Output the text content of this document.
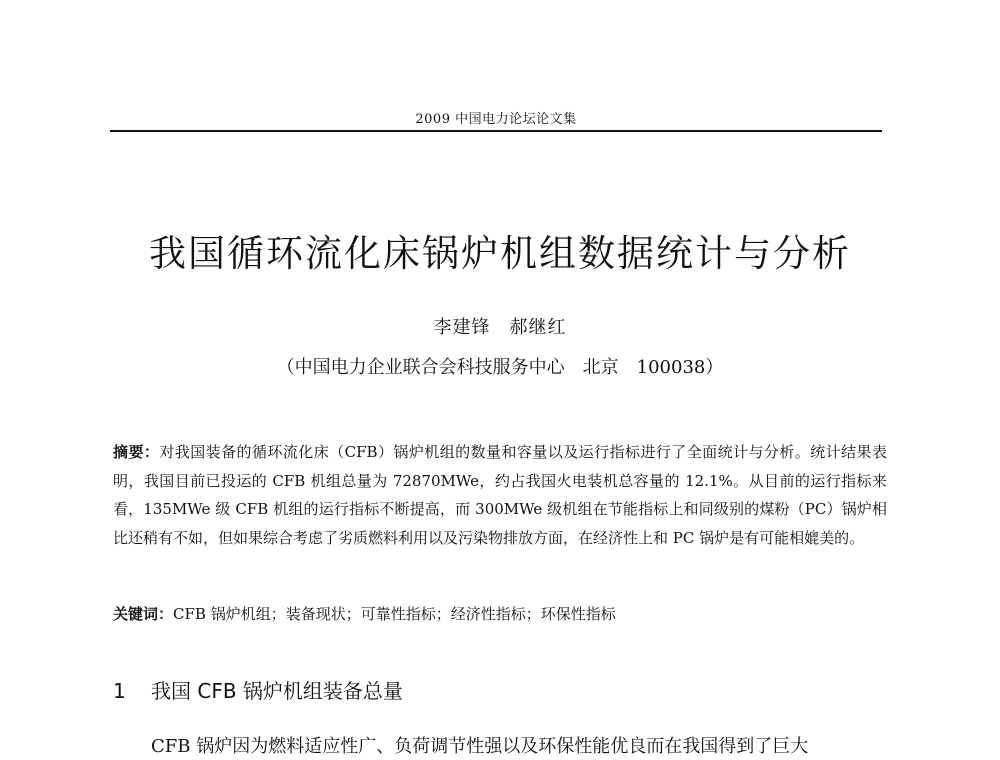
2009 中国电力论坛论文集
我国循环流化床锅炉机组数据统计与分析
李建锋　郝继红
（中国电力企业联合会科技服务中心　北京　100038）
摘要：对我国装备的循环流化床（CFB）锅炉机组的数量和容量以及运行指标进行了全面统计与分析。统计结果表明，我国目前已投运的 CFB 机组总量为 72870MWe，约占我国火电装机总容量的 12.1%。从目前的运行指标来看，135MWe 级 CFB 机组的运行指标不断提高，而 300MWe 级机组在节能指标上和同级别的煤粉（PC）锅炉相比还稍有不如，但如果综合考虑了劣质燃料利用以及污染物排放方面，在经济性上和 PC 锅炉是有可能相媲美的。
关键词：CFB 锅炉机组；装备现状；可靠性指标；经济性指标；环保性指标
1 我国 CFB 锅炉机组装备总量
CFB 锅炉因为燃料适应性广、负荷调节性强以及环保性能优良而在我国得到了巨大
